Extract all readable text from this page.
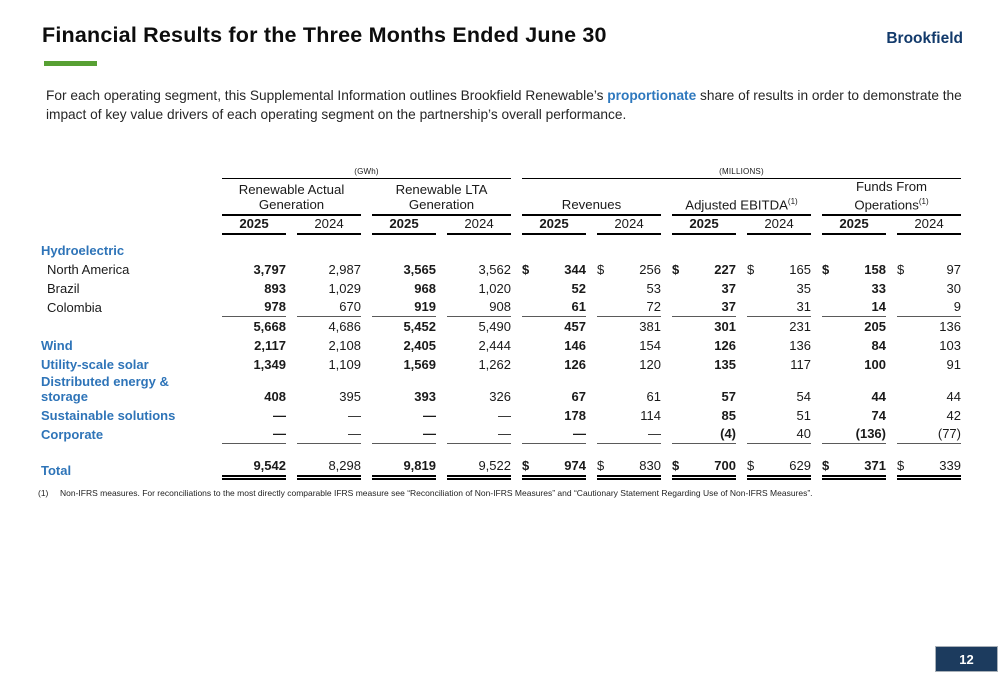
Financial Results for the Three Months Ended June 30	Brookfield

For each operating segment, this Supplemental Information outlines Brookfield Renewable’s proportionate share of results in order to demonstrate the impact of key value drivers of each operating segment on the partnership’s overall performance.

	(GWh)				(MILLIONS)					
	Renewable Actual Generation		Renewable LTA Generation		Revenues		Adjusted EBITDA$^{(1)}$		Funds From Operations$^{(1)}$
	2025	2024	2025	2024	2025	2024	2025	2024	2025	2024

Hydroelectric										
North America	3,797	2,987	3,565	3,562	$ 344	$ 256	$ 227	$ 165	$ 158	$ 97
Brazil	893	1,029	968	1,020	52	53	37	35	33	30
Colombia	978	670	919	908	61	72	37	31	14	9
	5,668	4,686	5,452	5,490	457	381	301	231	205	136
Wind	2,117	2,108	2,405	2,444	146	154	126	136	84	103
Utility-scale solar	1,349	1,109	1,569	1,262	126	120	135	117	100	91
Distributed energy & storage	408	395	393	326	67	61	57	54	44	44
Sustainable solutions	—	—	—	—	178	114	85	51	74	42
Corporate	—	—	—	—	—	—	(4)	40	(136)	(77)

Total	9,542	8,298	9,819	9,522	$ 974	$ 830	$ 700	$ 629	$ 371	$ 339

(1) Non-IFRS measures. For reconciliations to the most directly comparable IFRS measure see “Reconciliation of Non-IFRS Measures” and “Cautionary Statement Regarding Use of Non-IFRS Measures”.

12
